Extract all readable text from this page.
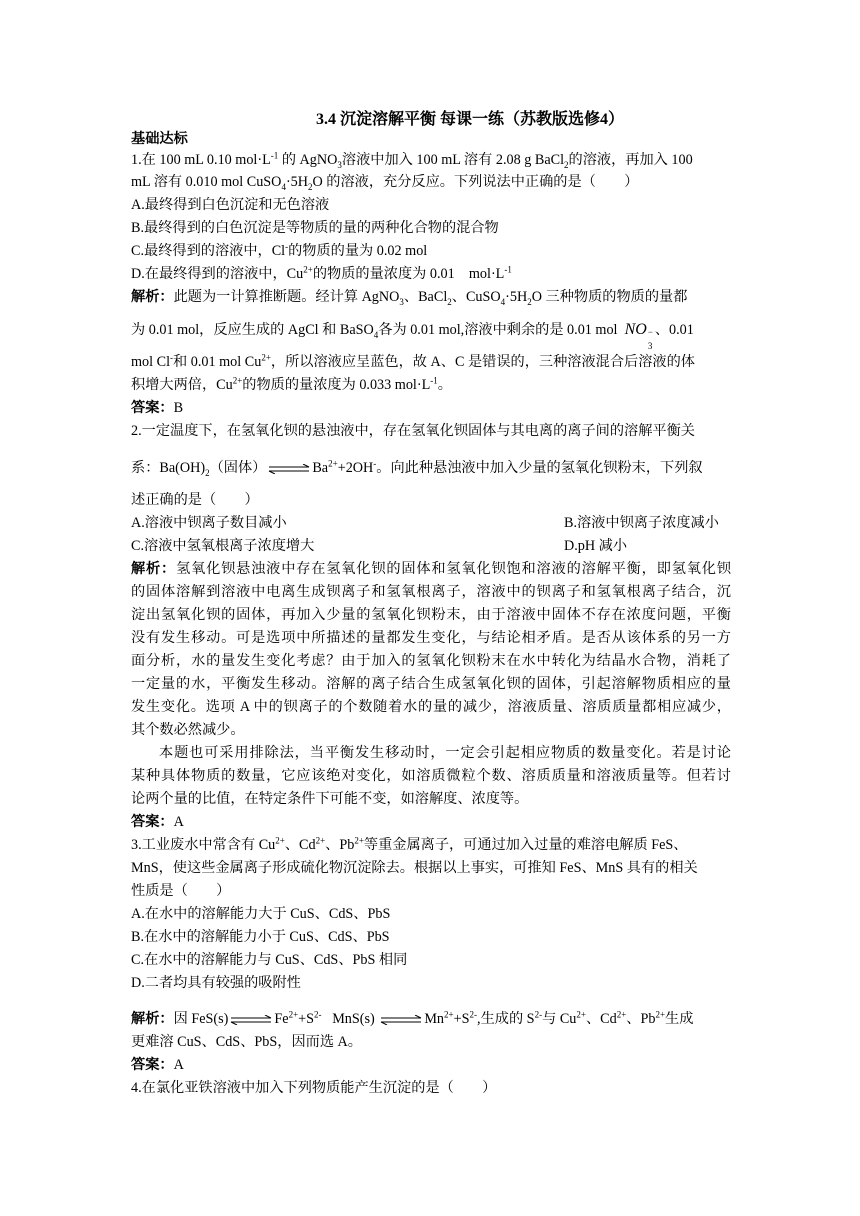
3.4 沉淀溶解平衡 每课一练（苏教版选修4）
基础达标
1.在 100 mL 0.10 $mol\cdot L^{-1}$ 的 AgNO$_3$溶液中加入 100 mL 溶有 2.08 g BaCl$_2$的溶液，再加入 100
mL 溶有 0.010 mol $CuSO_4\cdot 5H_2O$ 的溶液，充分反应。下列说法中正确的是（　　）
A.最终得到白色沉淀和无色溶液
B.最终得到的白色沉淀是等物质的量的两种化合物的混合物
C.最终得到的溶液中，Cl-的物质的量为 0.02 mol
D.在最终得到的溶液中，$Cu^{2+}$的物质的量浓度为 0.01　$mol\cdot L^{-1}$
解析：此题为一计算推断题。经计算 AgNO$_3$、BaCl$_2$、$CuSO_4\cdot 5H_2O$ 三种物质的物质的量都
为 0.01 mol，反应生成的 AgCl 和 BaSO$_4$各为 0.01 mol,溶液中剩余的是 0.01 mol NO −
3
、0.01
mol Cl-和 0.01 mol $Cu^{2+}$，所以溶液应呈蓝色，故 A、C 是错误的，三种溶液混合后溶液的体
积增大两倍，$Cu^{2+}$的物质的量浓度为 0.033 $mol\cdot L^{-1}$。
答案：B
2.一定温度下，在氢氧化钡的悬浊液中，存在氢氧化钡固体与其电离的离子间的溶解平衡关
系：$Ba(OH)_2$（固体）$\rightleftharpoons Ba^{2+}+2OH^-$。向此种悬浊液中加入少量的氢氧化钡粉末，下列叙
述正确的是（　　）
A.溶液中钡离子数目减小	B.溶液中钡离子浓度减小
C.溶液中氢氧根离子浓度增大	D.pH 减小
解析：氢氧化钡悬浊液中存在氢氧化钡的固体和氢氧化钡饱和溶液的溶解平衡，即氢氧化钡
的固体溶解到溶液中电离生成钡离子和氢氧根离子，溶液中的钡离子和氢氧根离子结合，沉
淀出氢氧化钡的固体，再加入少量的氢氧化钡粉末，由于溶液中固体不存在浓度问题，平衡
没有发生移动。可是选项中所描述的量都发生变化，与结论相矛盾。是否从该体系的另一方
面分析，水的量发生变化考虑？由于加入的氢氧化钡粉末在水中转化为结晶水合物，消耗了
一定量的水，平衡发生移动。溶解的离子结合生成氢氧化钡的固体，引起溶解物质相应的量
发生变化。选项 A 中的钡离子的个数随着水的量的减少，溶液质量、溶质质量都相应减少，
其个数必然减少。
本题也可采用排除法，当平衡发生移动时，一定会引起相应物质的数量变化。若是讨论
某种具体物质的数量，它应该绝对变化，如溶质微粒个数、溶质质量和溶液质量等。但若讨
论两个量的比值，在特定条件下可能不变，如溶解度、浓度等。
答案：A
3.工业废水中常含有 $Cu^{2+}$、$Cd^{2+}$、$Pb^{2+}$等重金属离子，可通过加入过量的难溶电解质 FeS、
MnS，使这些金属离子形成硫化物沉淀除去。根据以上事实，可推知 FeS、MnS 具有的相关
性质是（　　）
A.在水中的溶解能力大于 CuS、CdS、PbS
B.在水中的溶解能力小于 CuS、CdS、PbS
C.在水中的溶解能力与 CuS、CdS、PbS 相同
D.二者均具有较强的吸附性
解析：因 $FeS(s)\rightleftharpoons Fe^{2+}+S^{2-}$ MnS(s) $\rightleftharpoons Mn^{2+}+S^{2-}$,生成的 $S^{2-}$与 $Cu^{2+}$、$Cd^{2+}$、$Pb^{2+}$生成
更难溶 CuS、CdS、PbS，因而选 A。
答案：A
4.在氯化亚铁溶液中加入下列物质能产生沉淀的是（　　）
